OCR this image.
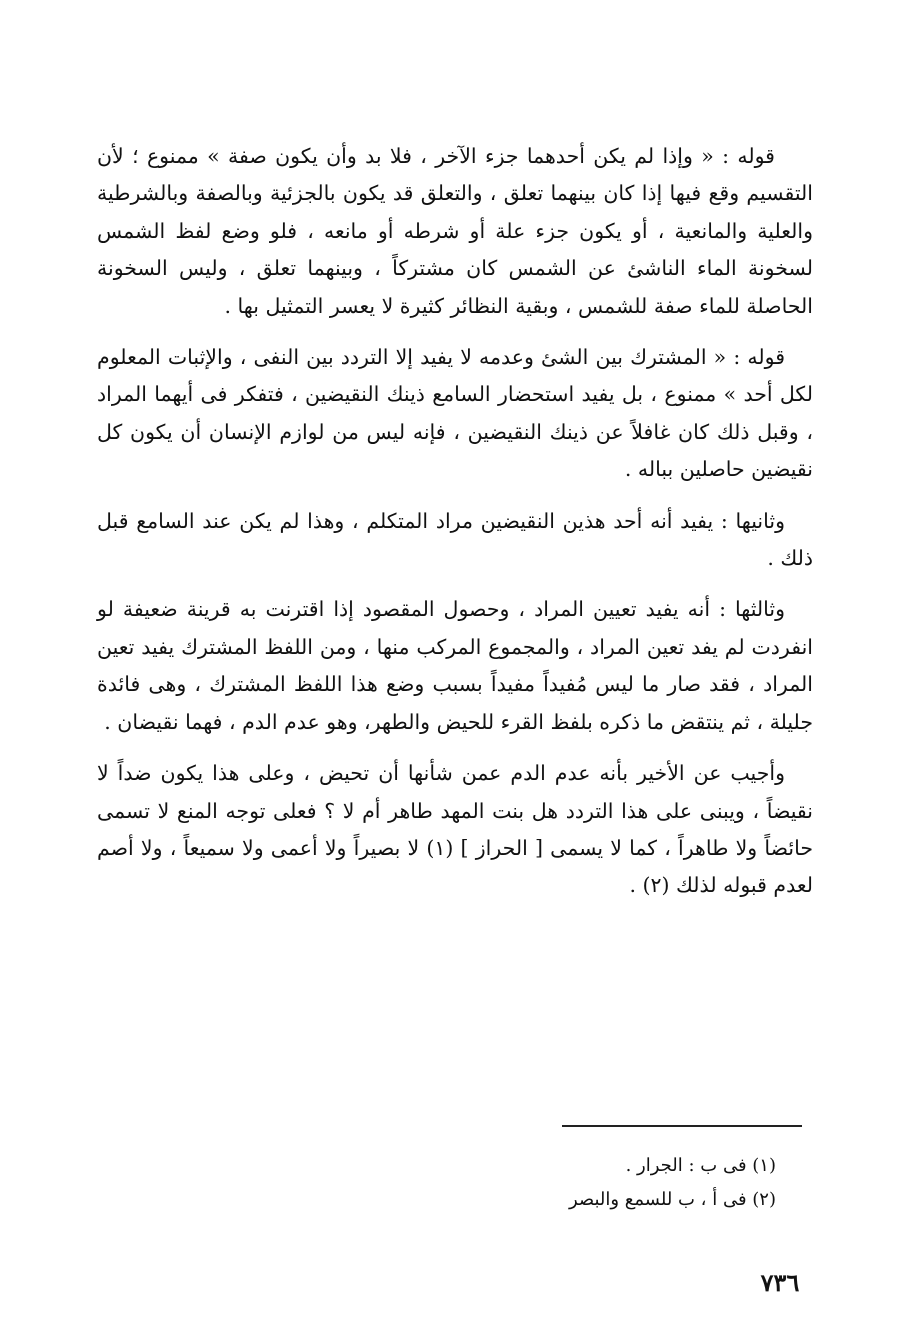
قوله : « وإذا لم يكن أحدهما جزء الآخر ، فلا بد وأن يكون صفة » ممنوع ؛ لأن التقسيم وقع فيها إذا كان بينهما تعلق ، والتعلق قد يكون بالجزئية وبالصفة وبالشرطية والعلية والمانعية ، أو يكون جزء علة أو شرطه أو مانعه ، فلو وضع لفظ الشمس لسخونة الماء الناشئ عن الشمس كان مشتركاً ، وبينهما تعلق ، وليس السخونة الحاصلة للماء صفة للشمس ، وبقية النظائر كثيرة لا يعسر التمثيل بها .

قوله : « المشترك بين الشئ وعدمه لا يفيد إلا التردد بين النفى ، والإثبات المعلوم لكل أحد » ممنوع ، بل يفيد استحضار السامع ذينك النقيضين ، فتفكر فى أيهما المراد ، وقبل ذلك كان غافلاً عن ذينك النقيضين ، فإنه ليس من لوازم الإنسان أن يكون كل نقيضين حاصلين بباله .

وثانيها : يفيد أنه أحد هذين النقيضين مراد المتكلم ، وهذا لم يكن عند السامع قبل ذلك .

وثالثها : أنه يفيد تعيين المراد ، وحصول المقصود إذا اقترنت به قرينة ضعيفة لو انفردت لم يفد تعين المراد ، والمجموع المركب منها ، ومن اللفظ المشترك يفيد تعين المراد ، فقد صار ما ليس مُفيداً مفيداً بسبب وضع هذا اللفظ المشترك ، وهى فائدة جليلة ، ثم ينتقض ما ذكره بلفظ القرء للحيض والطهر، وهو عدم الدم ، فهما نقيضان .

وأجيب عن الأخير بأنه عدم الدم عمن شأنها أن تحيض ، وعلى هذا يكون ضداً لا نقيضاً ، ويبنى على هذا التردد هل بنت المهد طاهر أم لا ؟ فعلى توجه المنع لا تسمى حائضاً ولا طاهراً ، كما لا يسمى [ الحراز ] (١) لا بصيراً ولا أعمى ولا سميعاً ، ولا أصم لعدم قبوله لذلك (٢) .

(١) فى ب : الجرار .

(٢) فى أ ، ب للسمع والبصر

٧٣٦
